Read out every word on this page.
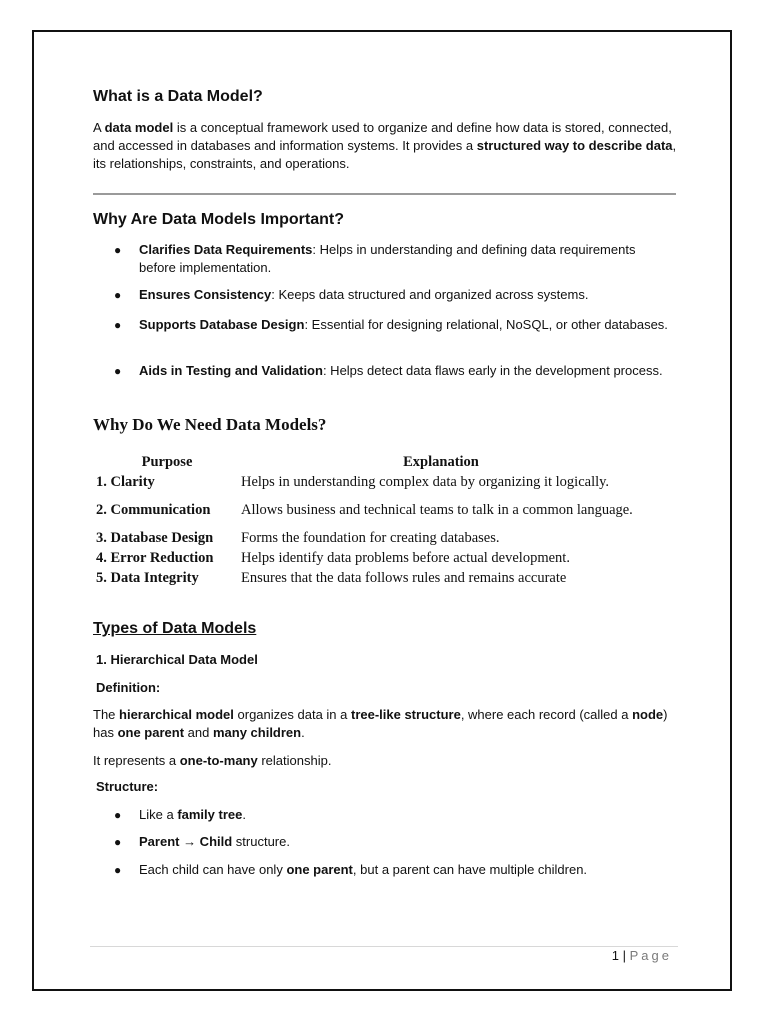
What is a Data Model?

A data model is a conceptual framework used to organize and define how data is stored, connected, and accessed in databases and information systems. It provides a structured way to describe data, its relationships, constraints, and operations.

Why Are Data Models Important?
● Clarifies Data Requirements: Helps in understanding and defining data requirements before implementation.
● Ensures Consistency: Keeps data structured and organized across systems.
● Supports Database Design: Essential for designing relational, NoSQL, or other databases.
● Aids in Testing and Validation: Helps detect data flaws early in the development process.
Why Do We Need Data Models?
Purpose	Explanation
1. Clarity	Helps in understanding complex data by organizing it logically.
2. Communication	Allows business and technical teams to talk in a common language.
3. Database Design	Forms the foundation for creating databases.
4. Error Reduction	Helps identify data problems before actual development.
5. Data Integrity	Ensures that the data follows rules and remains accurate
Types of Data Models
1. Hierarchical Data Model
Definition:

The hierarchical model organizes data in a tree-like structure, where each record (called a node) has one parent and many children.

It represents a one-to-many relationship.

Structure:
● Like a family tree.
● Parent → Child structure.
● Each child can have only one parent, but a parent can have multiple children.
1 | Page
